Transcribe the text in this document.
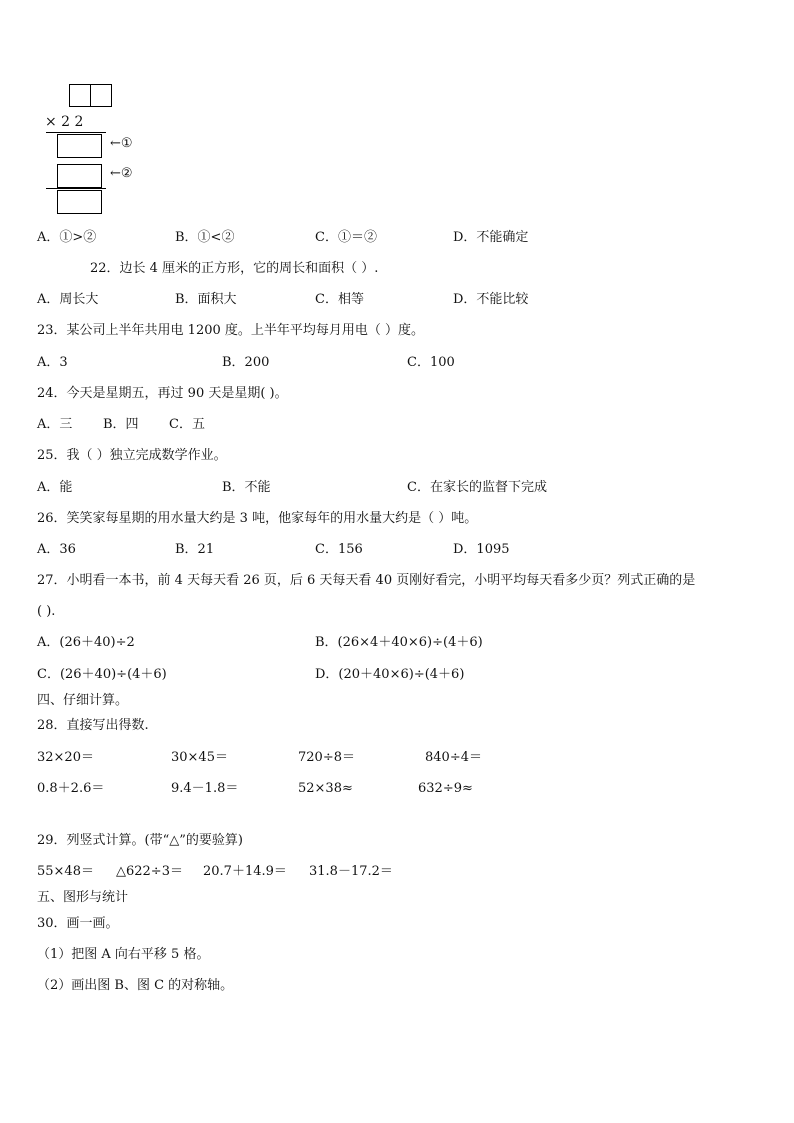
× 2 2
←①
←②
A．①>②	B．①<②	C．①＝②	D．不能确定
22．边长 4 厘米的正方形，它的周长和面积（ ）.
A．周长大	B．面积大	C．相等	D．不能比较
23．某公司上半年共用电 1200 度。上半年平均每月用电（ ）度。
A．3	B．200	C．100
24．今天是星期五，再过 90 天是星期( )。
A．三 B．四 C．五
25．我（ ）独立完成数学作业。
A．能	B．不能	C．在家长的监督下完成
26．笑笑家每星期的用水量大约是 3 吨，他家每年的用水量大约是（ ）吨。
A．36	B．21	C．156	D．1095
27．小明看一本书，前 4 天每天看 26 页，后 6 天每天看 40 页刚好看完，小明平均每天看多少页？列式正确的是
( ).
A．(26＋40)÷2	B．(26×4＋40×6)÷(4＋6)
C．(26＋40)÷(4＋6)	D．(20＋40×6)÷(4＋6)
四、仔细计算。
28．直接写出得数.
32×20＝	30×45＝	720÷8＝	840÷4＝
0.8＋2.6＝	9.4－1.8＝	52×38≈	632÷9≈
29．列竖式计算。(带“△”的要验算)
55×48＝ △622÷3＝ 20.7＋14.9＝ 31.8－17.2＝
五、图形与统计
30．画一画。
（1）把图 A 向右平移 5 格。
（2）画出图 B、图 C 的对称轴。
